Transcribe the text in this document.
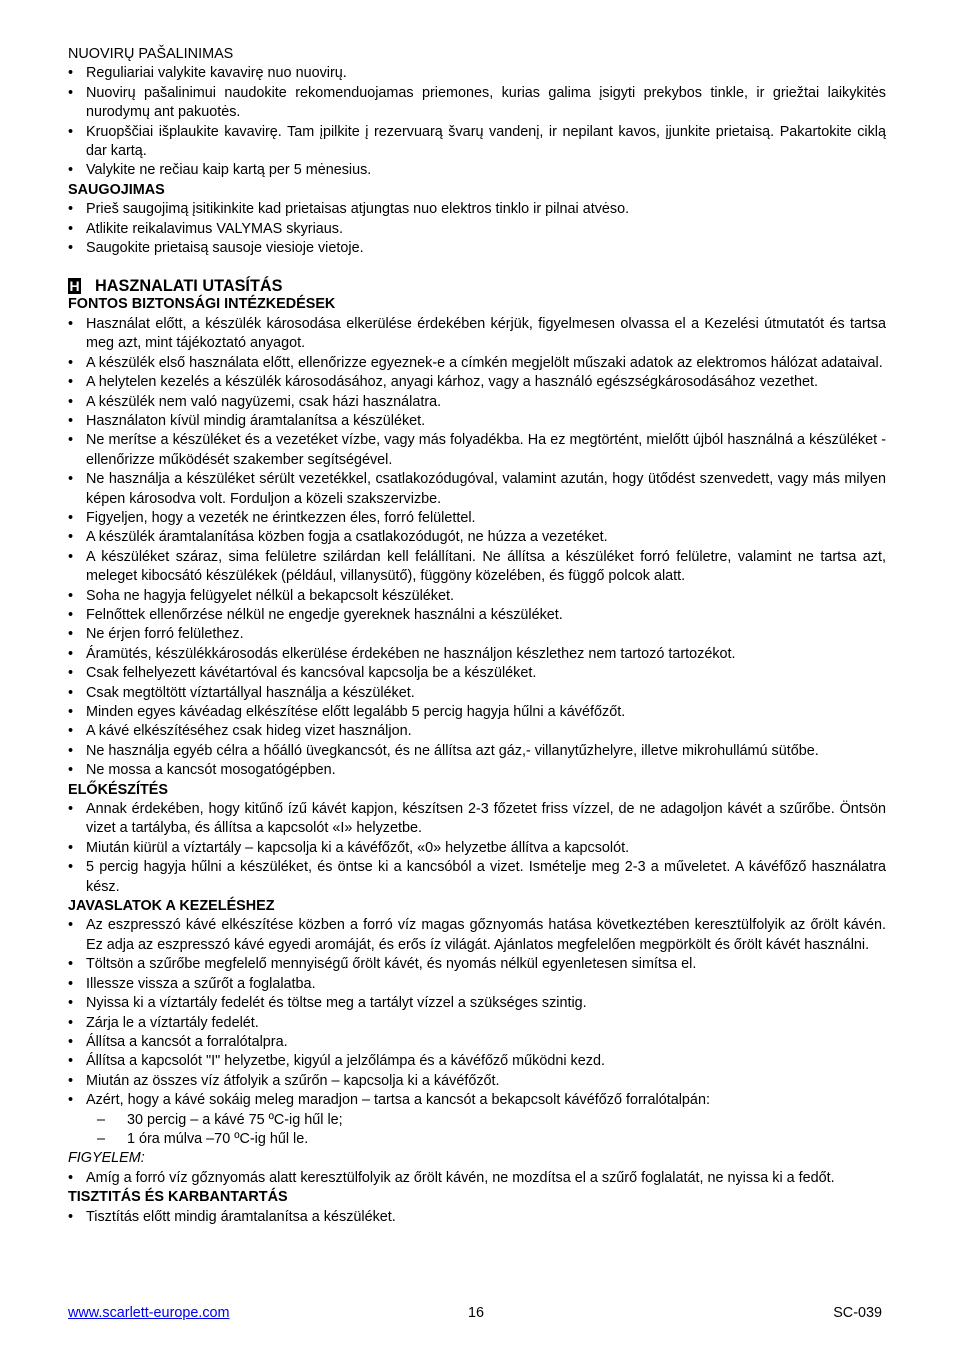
NUOVIRŲ PAŠALINIMAS
• Reguliariai valykite kavavirę nuo nuovirų.
• Nuovirų pašalinimui naudokite rekomenduojamas priemones, kurias galima įsigyti prekybos tinkle, ir griežtai laikykitės nurodymų ant pakuotės.
• Kruopščiai išplaukite kavavirę. Tam įpilkite į rezervuarą švarų vandenį, ir nepilant kavos, įjunkite prietaisą. Pakartokite ciklą dar kartą.
• Valykite ne rečiau kaip kartą per 5 mėnesius.
SAUGOJIMAS
• Prieš saugojimą įsitikinkite kad prietaisas atjungtas nuo elektros tinklo ir pilnai atvėso.
• Atlikite reikalavimus VALYMAS skyriaus.
• Saugokite prietaisą sausoje viesioje vietoje.
H HASZNALATI UTASÍTÁS
FONTOS BIZTONSÁGI INTÉZKEDÉSEK
• Használat előtt, a készülék károsodása elkerülése érdekében kérjük, figyelmesen olvassa el a Kezelési útmutatót és tartsa meg azt, mint tájékoztató anyagot.
• A készülék első használata előtt, ellenőrizze egyeznek-e a címkén megjelölt műszaki adatok az elektromos hálózat adataival.
• A helytelen kezelés a készülék károsodásához, anyagi kárhoz, vagy a használó egészségkárosodásához vezethet.
• A készülék nem való nagyüzemi, csak házi használatra.
• Használaton kívül mindig áramtalanítsa a készüléket.
• Ne merítse a készüléket és a vezetéket vízbe, vagy más folyadékba. Ha ez megtörtént, mielőtt újból használná a készüléket - ellenőrizze működését szakember segítségével.
• Ne használja a készüléket sérült vezetékkel, csatlakozódugóval, valamint azután, hogy ütődést szenvedett, vagy más milyen képen károsodva volt. Forduljon a közeli szakszervizbe.
• Figyeljen, hogy a vezeték ne érintkezzen éles, forró felülettel.
• A készülék áramtalanítása közben fogja a csatlakozódugót, ne húzza a vezetéket.
• A készüléket száraz, sima felületre szilárdan kell felállítani. Ne állítsa a készüléket forró felületre, valamint ne tartsa azt, meleget kibocsátó készülékek (például, villanysütő), függöny közelében, és függő polcok alatt.
• Soha ne hagyja felügyelet nélkül a bekapcsolt készüléket.
• Felnőttek ellenőrzése nélkül ne engedje gyereknek használni a készüléket.
• Ne érjen forró felülethez.
• Áramütés, készülékkárosodás elkerülése érdekében ne használjon készlethez nem tartozó tartozékot.
• Csak felhelyezett kávétartóval és kancsóval kapcsolja be a készüléket.
• Csak megtöltött víztartállyal használja a készüléket.
• Minden egyes kávéadag elkészítése előtt legalább 5 percig hagyja hűlni a kávéfőzőt.
• A kávé elkészítéséhez csak hideg vizet használjon.
• Ne használja egyéb célra a hőálló üvegkancsót, és ne állítsa azt gáz,- villanytűzhelyre, illetve mikrohullámú sütőbe.
• Ne mossa a kancsót mosogatógépben.
ELŐKÉSZÍTÉS
• Annak érdekében, hogy kitűnő ízű kávét kapjon, készítsen 2-3 főzetet friss vízzel, de ne adagoljon kávét a szűrőbe. Öntsön vizet a tartályba, és állítsa a kapcsolót «I» helyzetbe.
• Miután kiürül a víztartály – kapcsolja ki a kávéfőzőt, «0» helyzetbe állítva a kapcsolót.
• 5 percig hagyja hűlni a készüléket, és öntse ki a kancsóból a vizet. Ismételje meg 2-3 a műveletet. A kávéfőző használatra kész.
JAVASLATOK A KEZELÉSHEZ
• Az eszpresszó kávé elkészítése közben a forró víz magas gőznyomás hatása következtében keresztülfolyik az őrölt kávén. Ez adja az eszpresszó kávé egyedi aromáját, és erős íz világát. Ajánlatos megfelelően megpörkölt és őrölt kávét használni.
• Töltsön a szűrőbe megfelelő mennyiségű őrölt kávét, és nyomás nélkül egyenletesen simítsa el.
• Illessze vissza a szűrőt a foglalatba.
• Nyissa ki a víztartály fedelét és töltse meg a tartályt vízzel a szükséges szintig.
• Zárja le a víztartály fedelét.
• Állítsa a kancsót a forralótalpra.
• Állítsa a kapcsolót "I" helyzetbe, kigyúl a jelzőlámpa és a kávéfőző működni kezd.
• Miután az összes víz átfolyik a szűrőn – kapcsolja ki a kávéfőzőt.
• Azért, hogy a kávé sokáig meleg maradjon – tartsa a kancsót a bekapcsolt kávéfőző forralótalpán:
– 30 percig – a kávé 75 ºC-ig hűl le;
– 1 óra múlva –70 ºC-ig hűl le.
FIGYELEM:
• Amíg a forró víz gőznyomás alatt keresztülfolyik az őrölt kávén, ne mozdítsa el a szűrő foglalatát, ne nyissa ki a fedőt.
TISZTITÁS ÉS KARBANTARTÁS
• Tisztítás előtt mindig áramtalanítsa a készüléket.
www.scarlett-europe.com	16	SC-039
